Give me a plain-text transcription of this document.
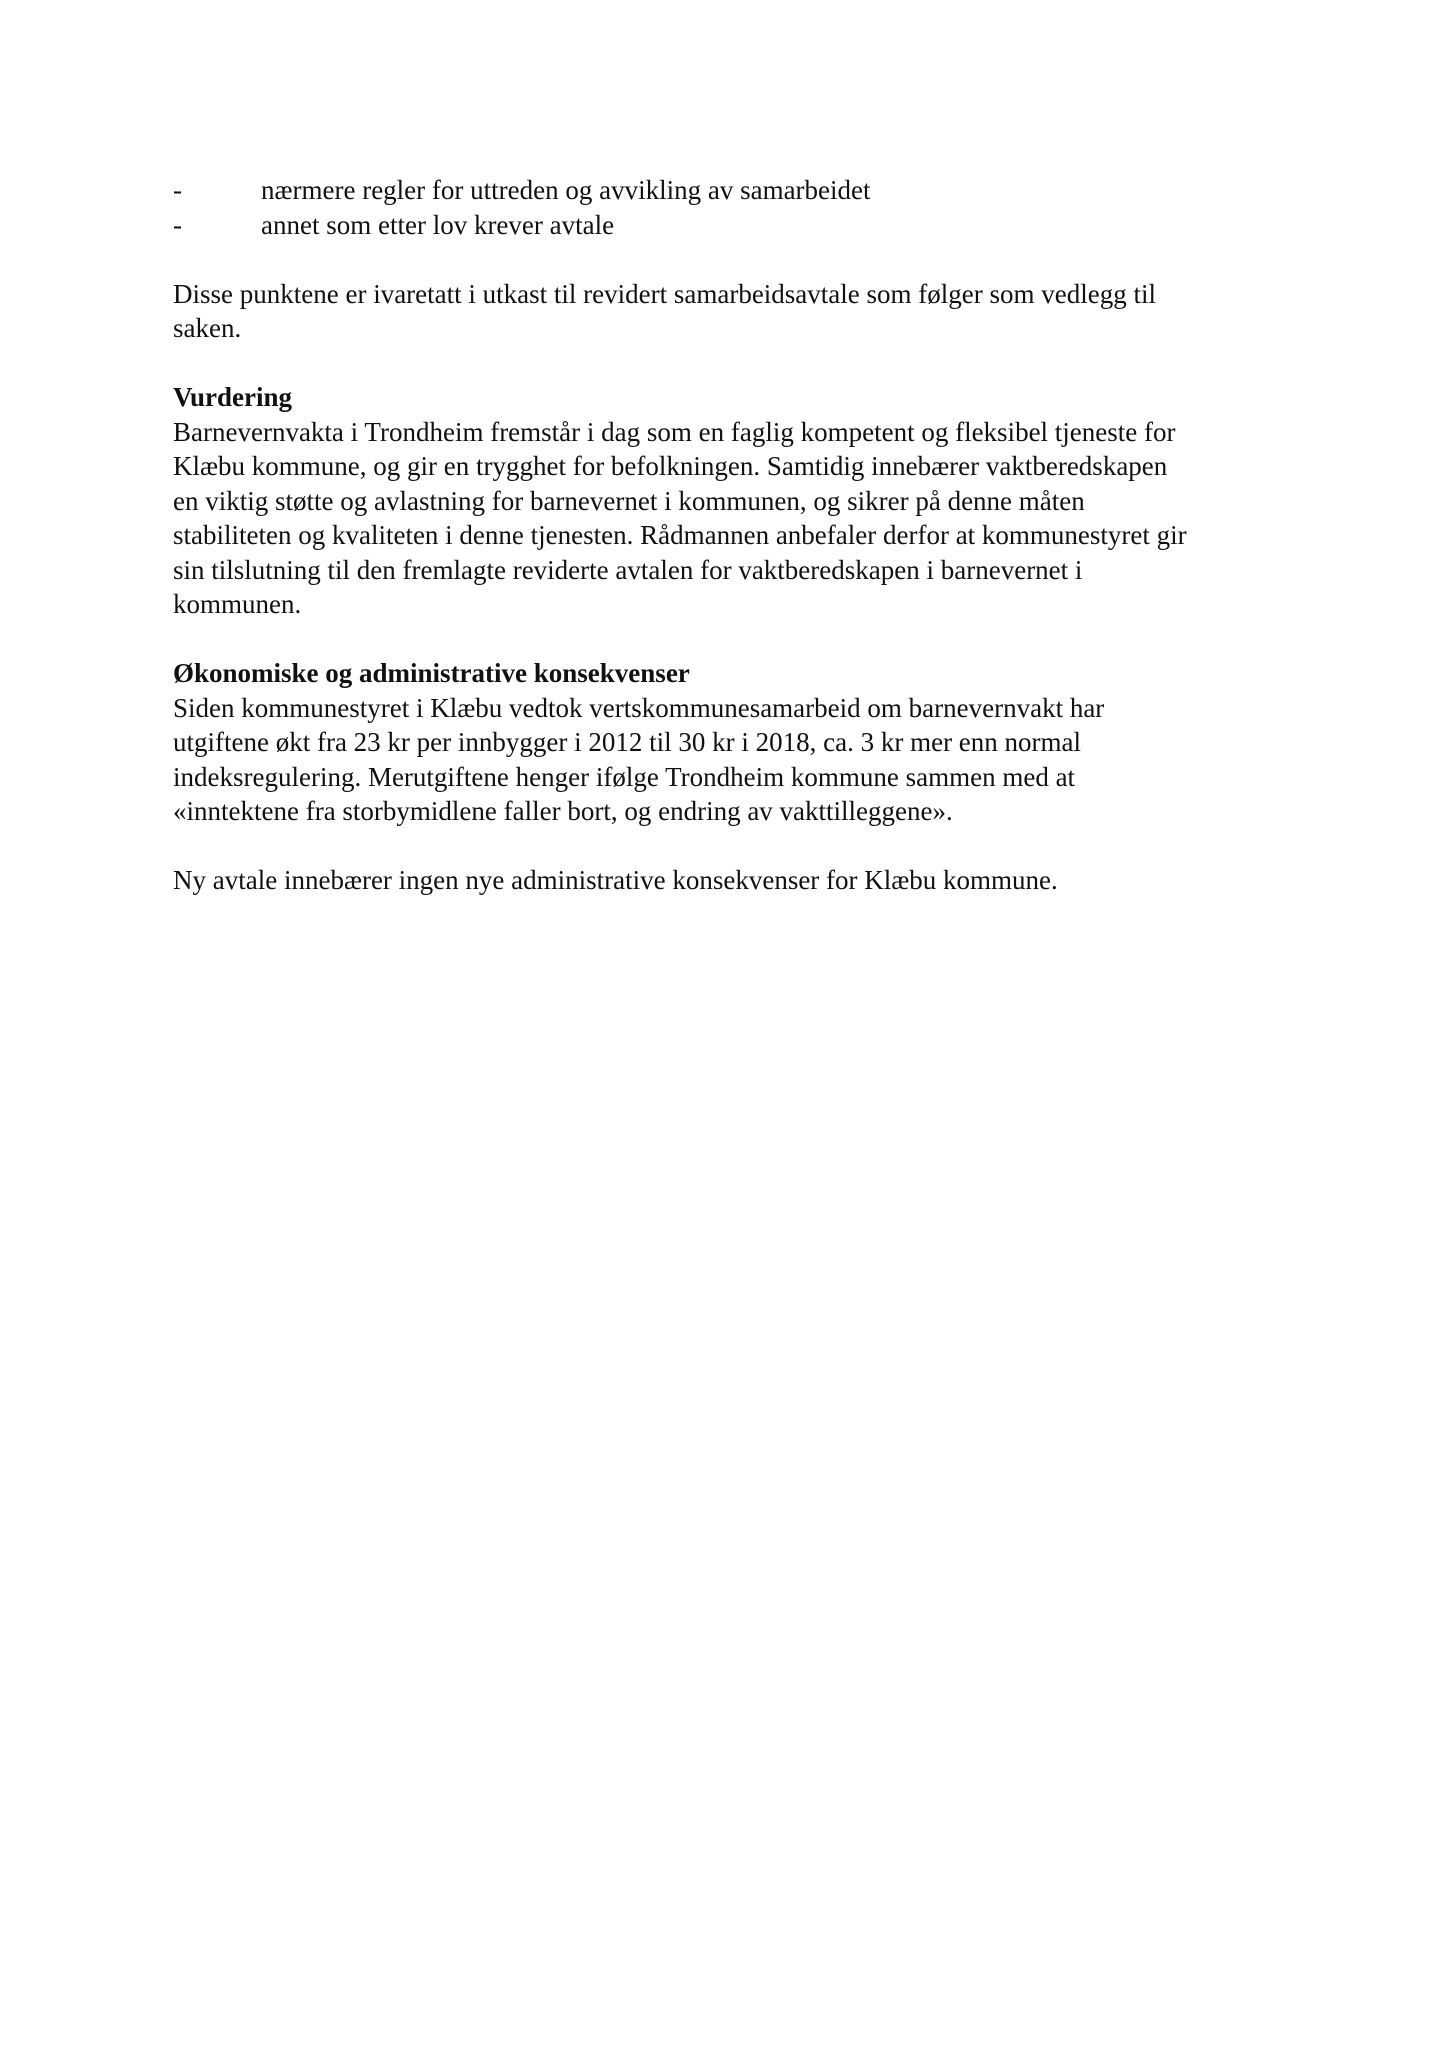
-	nærmere regler for uttreden og avvikling av samarbeidet
-	annet som etter lov krever avtale
Disse punktene er ivaretatt i utkast til revidert samarbeidsavtale som følger som vedlegg til
saken.
Vurdering
Barnevernvakta i Trondheim fremstår i dag som en faglig kompetent og fleksibel tjeneste for
Klæbu kommune, og gir en trygghet for befolkningen. Samtidig innebærer vaktberedskapen
en viktig støtte og avlastning for barnevernet i kommunen, og sikrer på denne måten
stabiliteten og kvaliteten i denne tjenesten. Rådmannen anbefaler derfor at kommunestyret gir
sin tilslutning til den fremlagte reviderte avtalen for vaktberedskapen i barnevernet i
kommunen.
Økonomiske og administrative konsekvenser
Siden kommunestyret i Klæbu vedtok vertskommunesamarbeid om barnevernvakt har
utgiftene økt fra 23 kr per innbygger i 2012 til 30 kr i 2018, ca. 3 kr mer enn normal
indeksregulering. Merutgiftene henger ifølge Trondheim kommune sammen med at
«inntektene fra storbymidlene faller bort, og endring av vakttilleggene».
Ny avtale innebærer ingen nye administrative konsekvenser for Klæbu kommune.
